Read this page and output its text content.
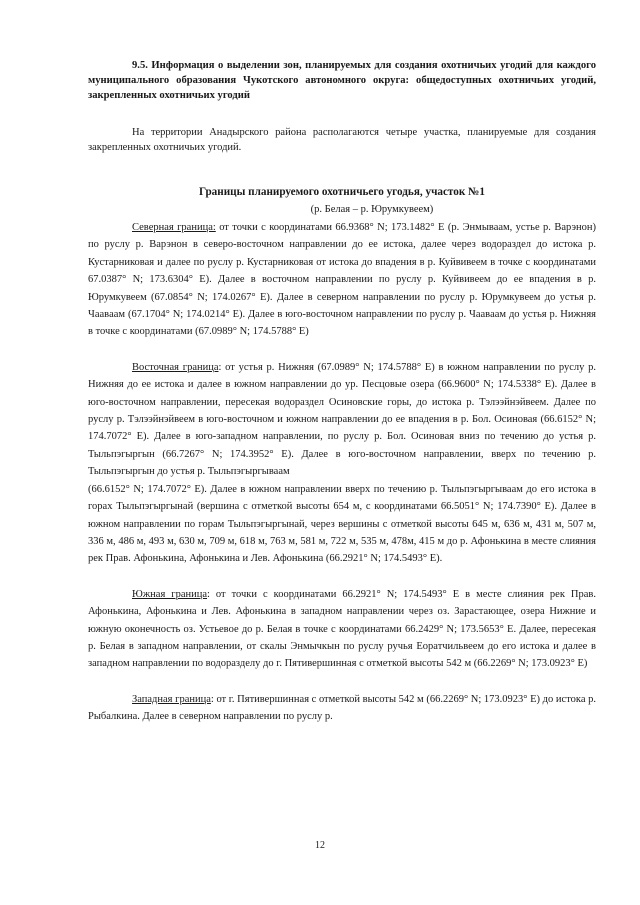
9.5. Информация о выделении зон, планируемых для создания охотничьих угодий для каждого муниципального образования Чукотского автономного округа: общедоступных охотничьих угодий, закрепленных охотничьих угодий

На территории Анадырского района располагаются четыре участка, планируемые для создания закрепленных охотничьих угодий.

Границы планируемого охотничьего угодья, участок №1

(р. Белая – р. Юрумкувеем)

Северная граница: от точки с координатами 66.9368° N; 173.1482° E (р. Энмываам, устье р. Варэнон) по руслу р. Варэнон в северо-восточном направлении до ее истока, далее через водораздел до истока р. Кустарниковая и далее по руслу р. Кустарниковая от истока до впадения в р. Куйвивеем в точке с координатами 67.0387° N; 173.6304° E). Далее в восточном направлении по руслу р. Куйвивеем до ее впадения в р. Юрумкувеем (67.0854° N; 174.0267° E). Далее в северном направлении по руслу р. Юрумкувеем до устья р. Чаавaам (67.1704° N; 174.0214° E). Далее в юго-восточном направлении по руслу р. Чаавaам до устья р. Нижняя в точке с координатами (67.0989° N; 174.5788° E)

Восточная граница: от устья р. Нижняя (67.0989° N; 174.5788° E) в южном направлении по руслу р. Нижняя до ее истока и далее в южном направлении до ур. Песцовые озера (66.9600° N; 174.5338° E). Далее в юго-восточном направлении, пересекая водораздел Осиновские горы, до истока р. Тэлээйнэйвеем. Далее по руслу р. Тэлээйнэйвеем в юго-восточном и южном направлении до ее впадения в р. Бол. Осиновая (66.6152° N; 174.7072° E). Далее в юго-западном направлении, по руслу р. Бол. Осиновая вниз по течению до устья р. Тыльпэгыргын (66.7267° N; 174.3952° E). Далее в юго-восточном направлении, вверх по течению р. Тыльпэгыргын до устья р. Тыльпэгыргываам

(66.6152° N; 174.7072° E). Далее в южном направлении вверх по течению р. Тыльпэгыргываам до его истока в горах Тыльпэгыргынай (вершина с отметкой высоты 654 м, с координатами 66.5051° N; 174.7390° E). Далее в южном направлении по горам Тыльпэгыргынай, через вершины с отметкой высоты 645 м, 636 м, 431 м, 507 м, 336 м, 486 м, 493 м, 630 м, 709 м, 618 м, 763 м, 581 м, 722 м, 535 м, 478м, 415 м до р. Афонькина в месте слияния рек Прав. Афонькина, Афонькина и Лев. Афонькина (66.2921° N; 174.5493° E).

Южная граница: от точки с координатами 66.2921° N; 174.5493° E в месте слияния рек Прав. Афонькина, Афонькина и Лев. Афонькина в западном направлении через оз. Зарастающее, озера Нижние и южную оконечность оз. Устьевое до р. Белая в точке с координатами 66.2429° N; 173.5653° E. Далее, пересекая р. Белая в западном направлении, от скалы Энмычкын по руслу ручья Еоратчильвеем до его истока и далее в западном направлении по водоразделу до г. Пятивершинная с отметкой высоты 542 м (66.2269° N; 173.0923° E)

Западная граница: от г. Пятивершинная с отметкой высоты 542 м (66.2269° N; 173.0923° E) до истока р. Рыбалкина. Далее в северном направлении по руслу р.

12
